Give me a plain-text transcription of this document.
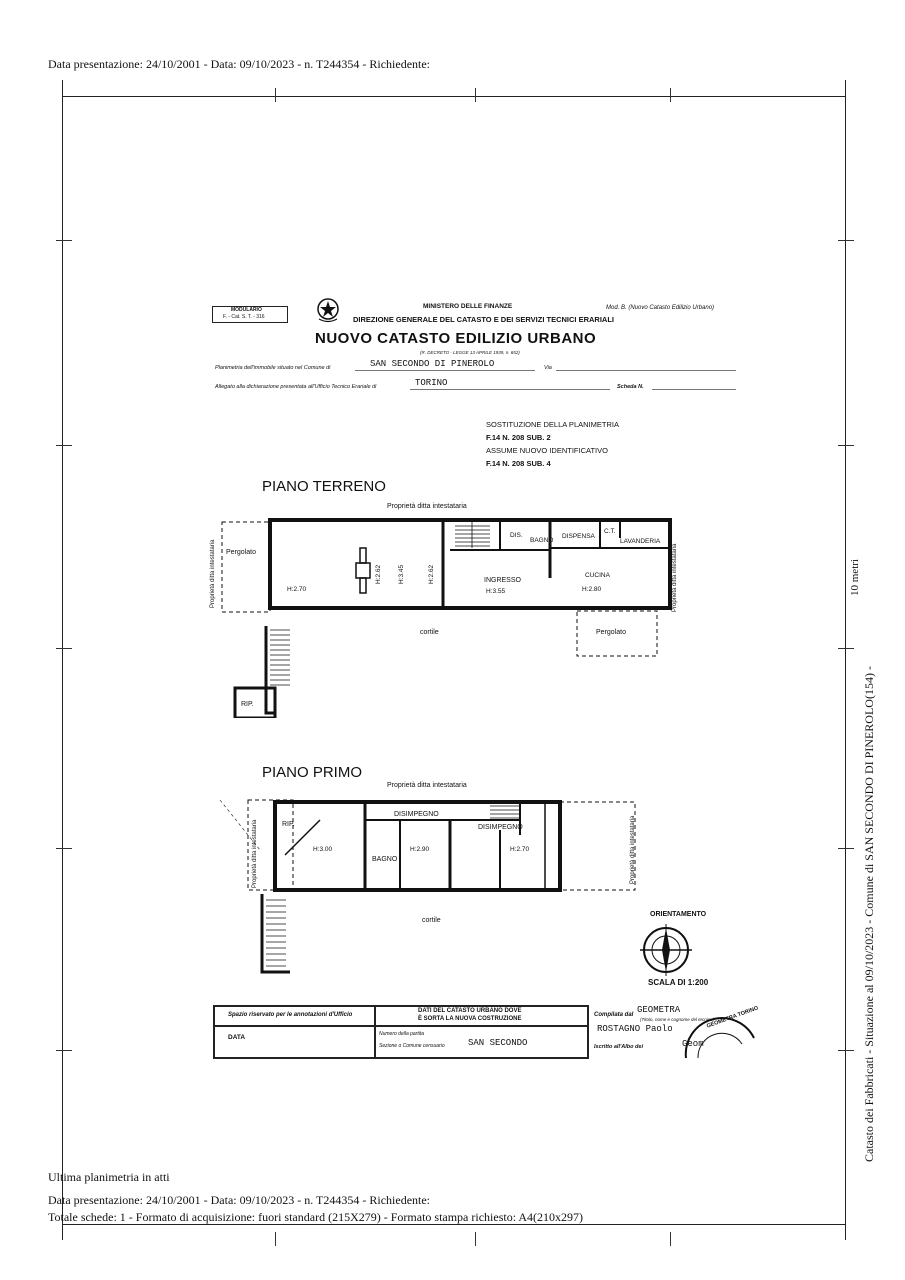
Data presentazione: 24/10/2001 - Data: 09/10/2023 - n. T244354 - Richiedente:
MODULARIO
F. - Cat. S. T. - 316
MINISTERO DELLE FINANZE
DIREZIONE GENERALE DEL CATASTO E DEI SERVIZI TECNICI ERARIALI
Mod. B. (Nuovo Catasto Edilizio Urbano)
NUOVO CATASTO EDILIZIO URBANO
(R. DECRETO - LEGGE 13 APRILE 1939, n. 652)
Planimetria dell'immobile situato nel Comune di	SAN SECONDO DI PINEROLO	Via
Allegato alla dichiarazione presentata all'Ufficio Tecnico Erariale di	TORINO	Scheda N.
SOSTITUZIONE DELLA PLANIMETRIA
F.14 N. 208 SUB. 2
ASSUME NUOVO IDENTIFICATIVO
F.14 N. 208 SUB. 4
PIANO TERRENO
Proprietà ditta intestataria
Proprietà ditta intestataria	Proprietà ditta intestataria
Pergolato
H:2.70
H:2.62 H:3.45	H:2.62
DIS.
BAGNO
DISPENSA
C.T.
LAVANDERIA
INGRESSO
H:3.55
CUCINA
H:2.80
cortile	Pergolato
RIP.
PIANO PRIMO
Proprietà ditta intestataria
Proprietà ditta intestataria	Proprietà ditta intestataria
RIP.
H:3.00
DISIMPEGNO
BAGNO
H:2.90
DISIMPEGNO
H:2.70
cortile
ORIENTAMENTO
SCALA DI 1:200
Spazio riservato per le annotazioni d'Ufficio
DATA
DATI DEL CATASTO URBANO DOVE
È SORTA LA NUOVA COSTRUZIONE
Numero della partita
Sezione o Comune censuario	SAN SECONDO
Compilata dal GEOMETRA
(Titolo, nome e cognome del tecnico)
ROSTAGNO Paolo
Iscritto all'Albo dei	Geom
GEOMETRA TORINO	Catasto dei Fabbricati - Situazione al 09/10/2023 - Comune di SAN SECONDO DI PINEROLO(154) -
10 metri
Ultima planimetria in atti
Data presentazione: 24/10/2001 - Data: 09/10/2023 - n. T244354 - Richiedente:
Totale schede: 1 - Formato di acquisizione: fuori standard (215X279) - Formato stampa richiesto: A4(210x297)
